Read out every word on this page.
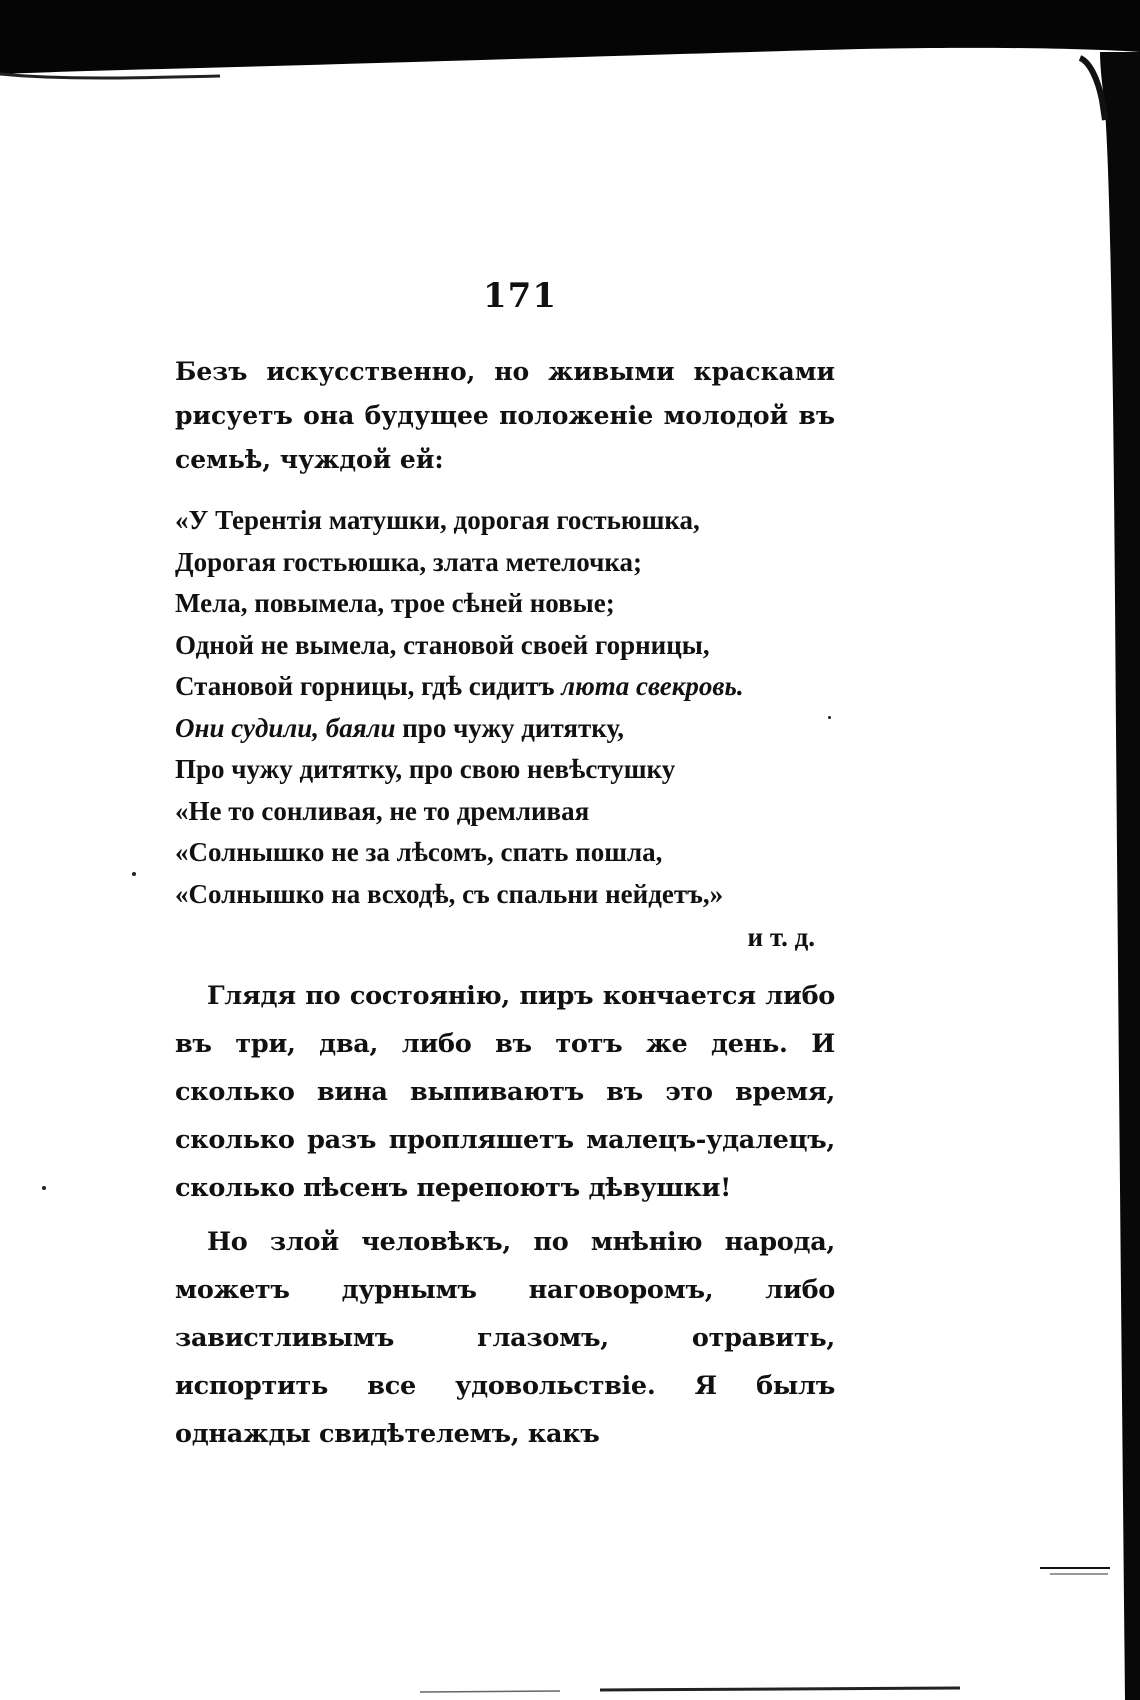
171

Безъ искусственно, но живыми красками рисуетъ она будущее положенiе молодой въ семьѣ, чуждой ей:

«У Терентiя матушки, дорогая гостьюшка,
Дорогая гостьюшка, злата метелочка;
Мела, повымела, трое сѣней новые;
Одной не вымела, становой своей горницы,
Становой горницы, гдѣ сидитъ люта свекровь.
Они судили, баяли про чужу дитятку,
Про чужу дитятку, про свою невѣстушку
«Не то сонливая, не то дремливая
«Солнышко не за лѣсомъ, спать пошла,
«Солнышко на всходѣ, съ спальни нейдетъ,»
и т. д.

Глядя по состоянiю, пиръ кончается либо въ три, два, либо въ тотъ же день. И сколько вина выпиваютъ въ это время, сколько разъ пропляшетъ малецъ-удалецъ, сколько пѣсенъ перепоютъ дѣвушки!

Но злой человѣкъ, по мнѣнiю народа, можетъ дурнымъ наговоромъ, либо завистливымъ глазомъ, отравить, испортить все удовольствiе. Я былъ однажды свидѣтелемъ, какъ
